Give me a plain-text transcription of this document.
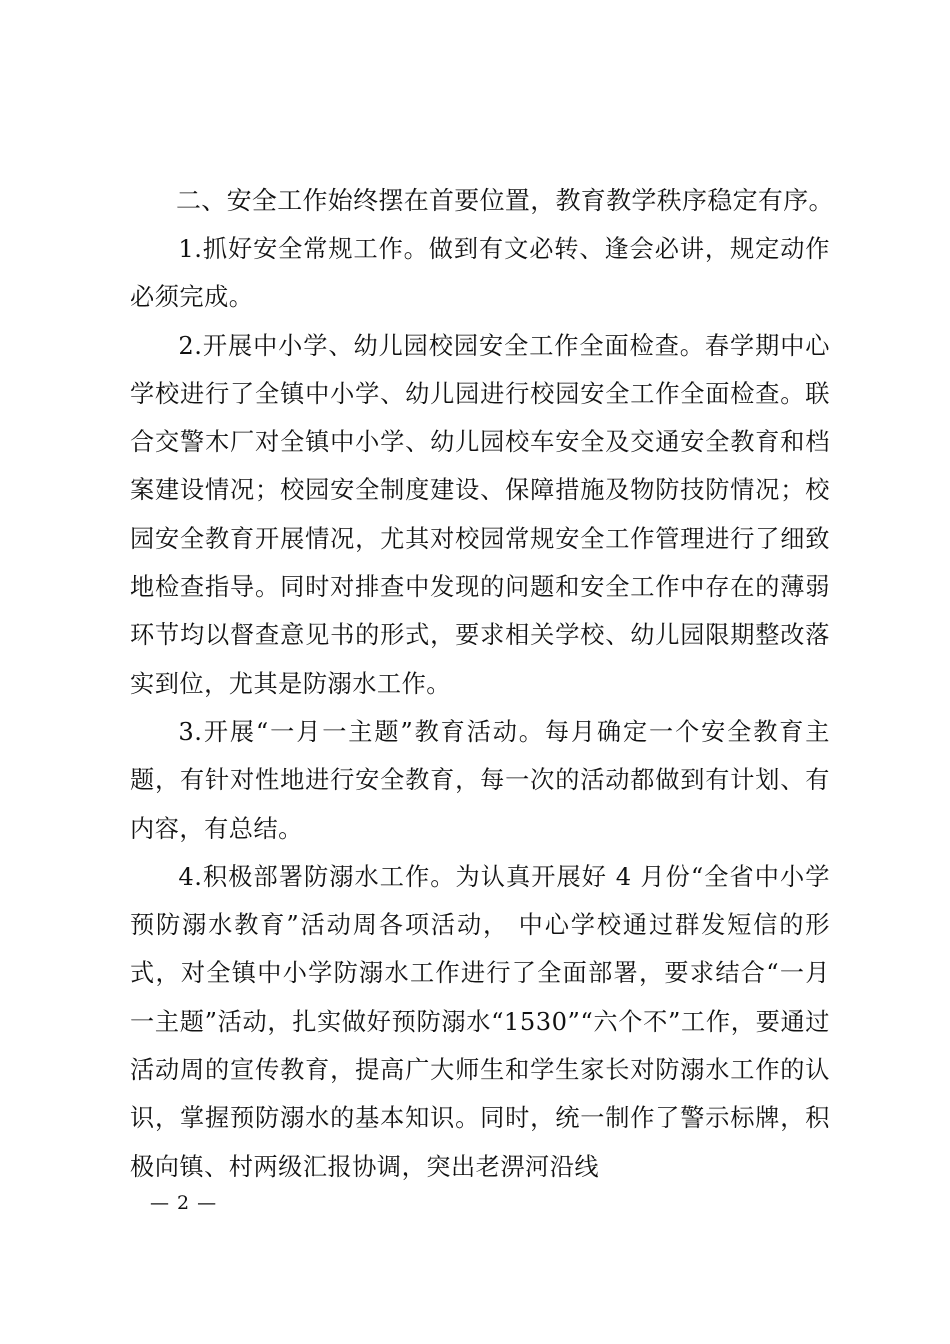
二、安全工作始终摆在首要位置，教育教学秩序稳定有序。

1.抓好安全常规工作。做到有文必转、逢会必讲，规定动作必须完成。

2.开展中小学、幼儿园校园安全工作全面检查。春学期中心学校进行了全镇中小学、幼儿园进行校园安全工作全面检查。联合交警木厂对全镇中小学、幼儿园校车安全及交通安全教育和档案建设情况；校园安全制度建设、保障措施及物防技防情况；校园安全教育开展情况，尤其对校园常规安全工作管理进行了细致地检查指导。同时对排查中发现的问题和安全工作中存在的薄弱环节均以督查意见书的形式，要求相关学校、幼儿园限期整改落实到位，尤其是防溺水工作。

3.开展“一月一主题”教育活动。每月确定一个安全教育主题，有针对性地进行安全教育，每一次的活动都做到有计划、有内容，有总结。

4.积极部署防溺水工作。为认真开展好 4 月份“全省中小学预防溺水教育”活动周各项活动， 中心学校通过群发短信的形式，对全镇中小学防溺水工作进行了全面部署，要求结合“一月一主题”活动，扎实做好预防溺水“1530”“六个不”工作，要通过活动周的宣传教育，提高广大师生和学生家长对防溺水工作的认识，掌握预防溺水的基本知识。同时，统一制作了警示标牌，积极向镇、村两级汇报协调，突出老淠河沿线

— 2 —
